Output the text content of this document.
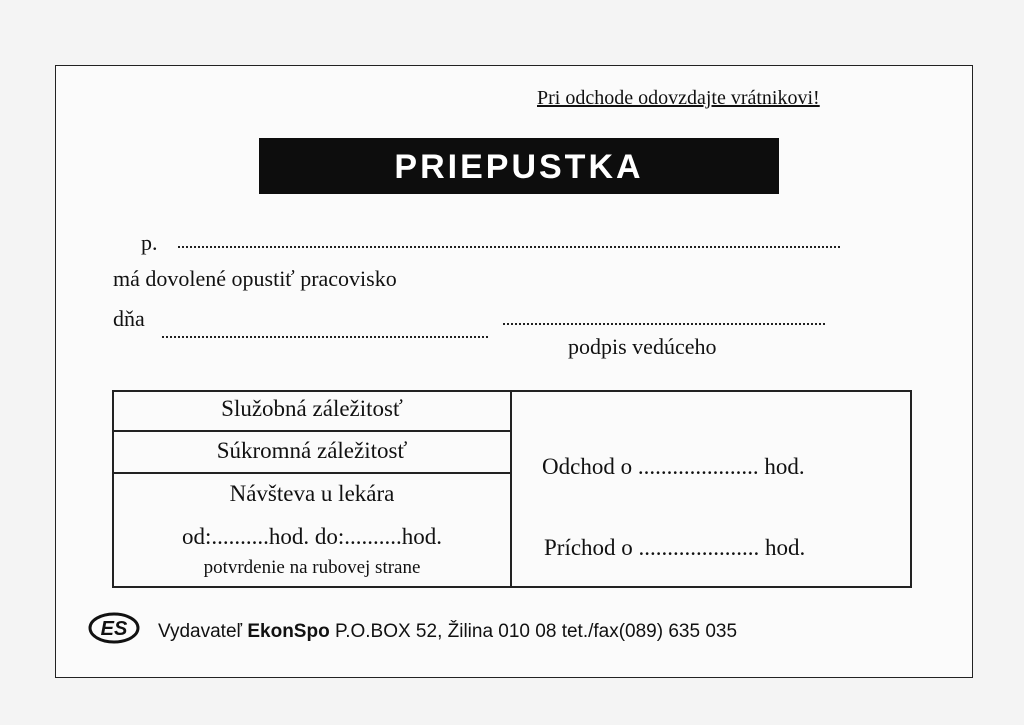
Pri odchode odovzdajte vrátnikovi!
PRIEPUSTKA
p.
má dovolené opustiť pracovisko
dňa
podpis vedúceho
Služobná záležitosť
Súkromná záležitosť
Návšteva u lekára
od:..........hod. do:..........hod.
potvrdenie na rubovej strane
Odchod o ..................... hod.
Príchod o ..................... hod.
ES Vydavateľ EkonSpo P.O.BOX 52, Žilina 010 08 tet./fax(089) 635 035
